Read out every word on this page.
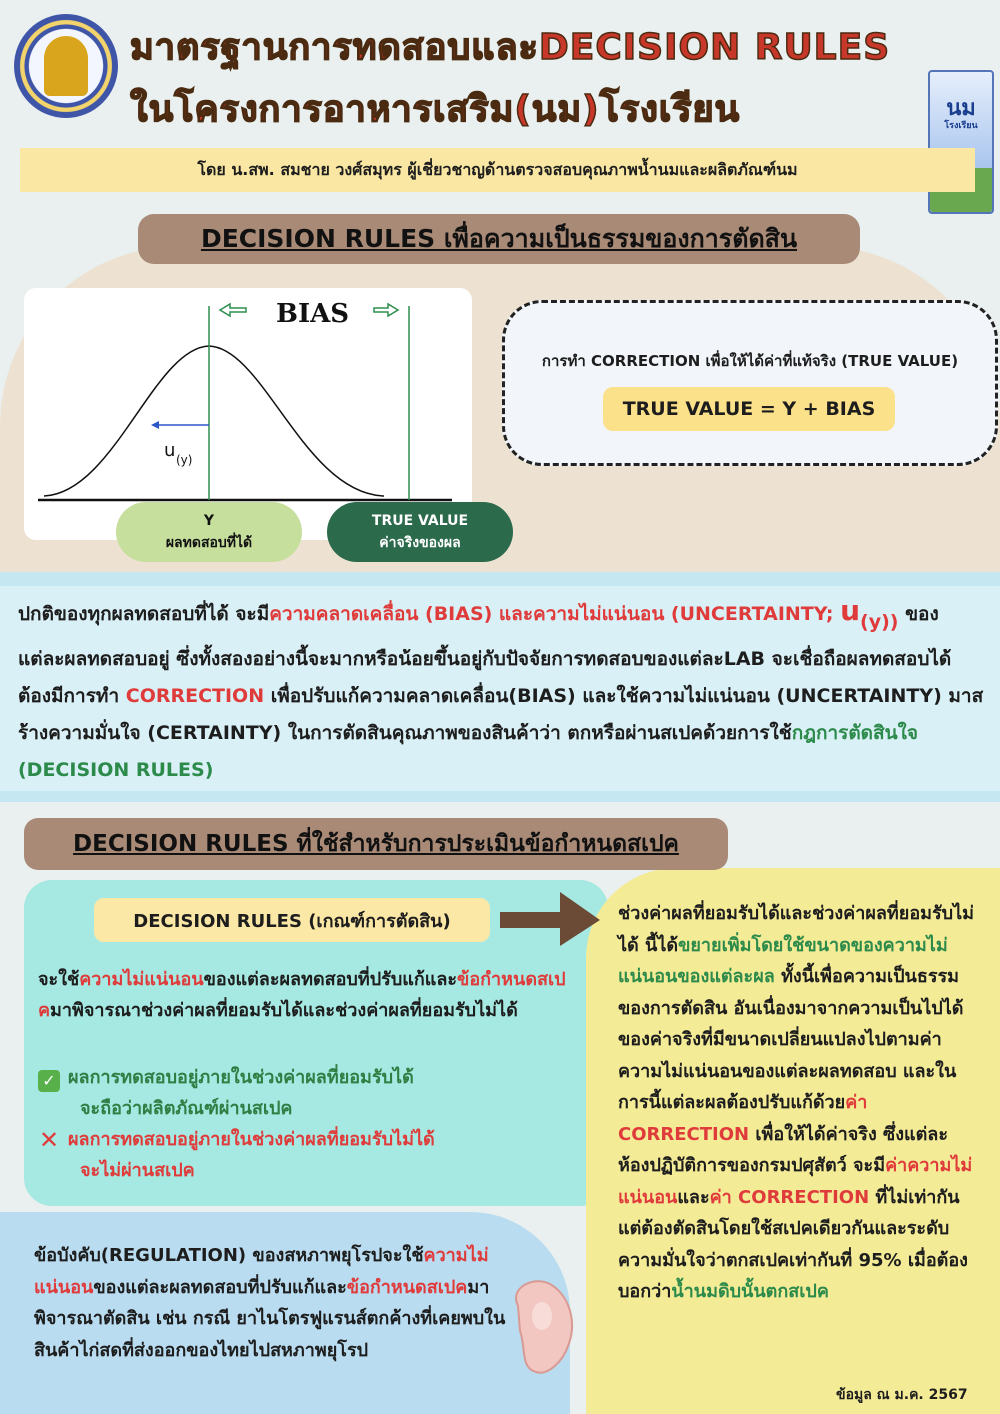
มาตรฐานการทดสอบและDECISION RULES
ในโครงการอาหารเสริม(นม)โรงเรียน	นม
โรงเรียน
โดย น.สพ. สมชาย วงศ์สมุทร ผู้เชี่ยวชาญด้านตรวจสอบคุณภาพน้ำนมและผลิตภัณฑ์นม
DECISION RULES เพื่อความเป็นธรรมของการตัดสิน
BIAS
u (y)
Y
ผลทดสอบที่ได้
TRUE VALUE
ค่าจริงของผล
การทำ CORRECTION เพื่อให้ได้ค่าที่แท้จริง (TRUE VALUE)
TRUE VALUE = Y + BIAS
ปกติของทุกผลทดสอบที่ได้ จะมีความคลาดเคลื่อน (BIAS) และความไม่แน่นอน (UNCERTAINTY; u(y)) ของแต่ละผลทดสอบอยู่ ซึ่งทั้งสองอย่างนี้จะมากหรือน้อยขึ้นอยู่กับปัจจัยการทดสอบของแต่ละLAB จะเชื่อถือผลทดสอบได้ต้องมีการทำ CORRECTION เพื่อปรับแก้ความคลาดเคลื่อน(BIAS) และใช้ความไม่แน่นอน (UNCERTAINTY) มาสร้างความมั่นใจ (CERTAINTY) ในการตัดสินคุณภาพของสินค้าว่า ตกหรือผ่านสเปคด้วยการใช้กฎการตัดสินใจ (DECISION RULES)
DECISION RULES ที่ใช้สำหรับการประเมินข้อกำหนดสเปค
DECISION RULES (เกณฑ์การตัดสิน)
จะใช้ความไม่แน่นอนของแต่ละผลทดสอบที่ปรับแก้และข้อกำหนดสเปคมาพิจารณาช่วงค่าผลที่ยอมรับได้และช่วงค่าผลที่ยอมรับไม่ได้
✓ ผลการทดสอบอยู่ภายในช่วงค่าผลที่ยอมรับได้
จะถือว่าผลิตภัณฑ์ผ่านสเปค
✕ ผลการทดสอบอยู่ภายในช่วงค่าผลที่ยอมรับไม่ได้
จะไม่ผ่านสเปค
ช่วงค่าผลที่ยอมรับได้และช่วงค่าผลที่ยอมรับไม่ได้ นี้ได้ขยายเพิ่มโดยใช้ขนาดของความไม่แน่นอนของแต่ละผล ทั้งนี้เพื่อความเป็นธรรมของการตัดสิน อันเนื่องมาจากความเป็นไปได้ของค่าจริงที่มีขนาดเปลี่ยนแปลงไปตามค่าความไม่แน่นอนของแต่ละผลทดสอบ และในการนี้แต่ละผลต้องปรับแก้ด้วยค่า CORRECTION เพื่อให้ได้ค่าจริง ซึ่งแต่ละห้องปฏิบัติการของกรมปศุสัตว์ จะมีค่าความไม่แน่นอนและค่า CORRECTION ที่ไม่เท่ากัน แต่ต้องตัดสินโดยใช้สเปคเดียวกันและระดับความมั่นใจว่าตกสเปคเท่ากันที่ 95% เมื่อต้องบอกว่าน้ำนมดิบนั้นตกสเปค
ข้อบังคับ(REGULATION) ของสหภาพยุโรปจะใช้ความไม่แน่นอนของแต่ละผลทดสอบที่ปรับแก้และข้อกำหนดสเปคมาพิจารณาตัดสิน เช่น กรณี ยาไนโตรฟูแรนส์ตกค้างที่เคยพบในสินค้าไก่สดที่ส่งออกของไทยไปสหภาพยุโรป
ข้อมูล ณ ม.ค. 2567
